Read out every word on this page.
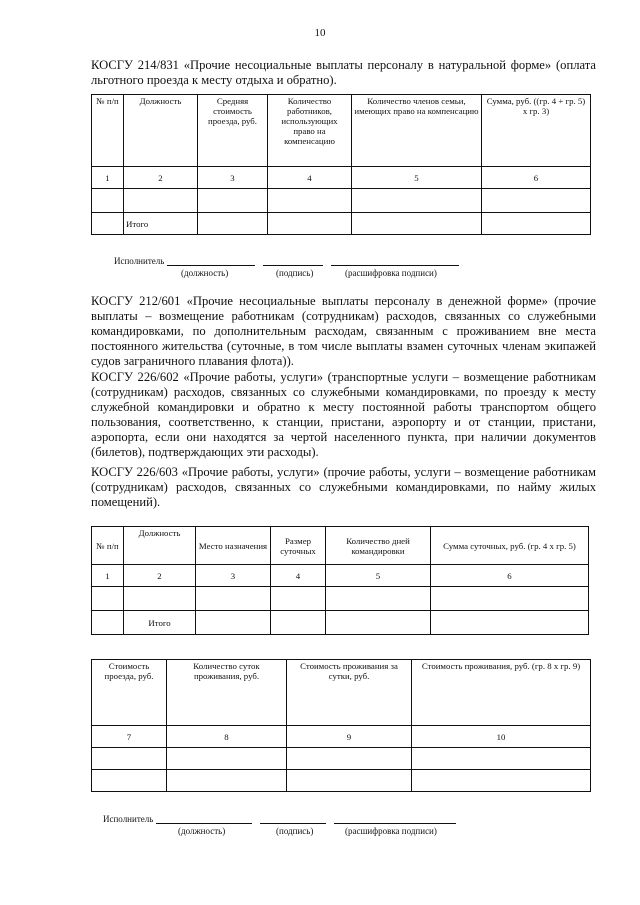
10
КОСГУ 214/831 «Прочие несоциальные выплаты персоналу в натуральной форме» (оплата льготного проезда к месту отдыха и обратно).
№ п/п	Должность	Средняя стоимость проезда, руб.	Количество работников, использующих право на компенсацию	Количество членов семьи, имеющих право на компенсацию	Сумма, руб. ((гр. 4 + гр. 5) х гр. 3)
1	2	3	4	5	6

	Итого				
Исполнитель
(должность)	(подпись)	(расшифровка подписи)
КОСГУ 212/601 «Прочие несоциальные выплаты персоналу в денежной форме» (прочие выплаты – возмещение работникам (сотрудникам) расходов, связанных со служебными командировками, по дополнительным расходам, связанным с проживанием вне места постоянного жительства (суточные, в том числе выплаты взамен суточных членам экипажей судов заграничного плавания флота)).
КОСГУ 226/602 «Прочие работы, услуги» (транспортные услуги – возмещение работникам (сотрудникам) расходов, связанных со служебными командировками, по проезду к месту служебной командировки и обратно к месту постоянной работы транспортом общего пользования, соответственно, к станции, пристани, аэропорту и от станции, пристани, аэропорта, если они находятся за чертой населенного пункта, при наличии документов (билетов), подтверждающих эти расходы).
КОСГУ 226/603 «Прочие работы, услуги» (прочие работы, услуги – возмещение работникам (сотрудникам) расходов, связанных со служебными командировками, по найму жилых помещений).
№ п/п	Должность	Место назначения	Размер суточных	Количество дней командировки	Сумма суточных, руб. (гр. 4 х гр. 5)
1	2	3	4	5	6

	Итого				
Стоимость проезда, руб.	Количество суток проживания, руб.	Стоимость проживания за сутки, руб.	Стоимость проживания, руб. (гр. 8 х гр. 9)
7	8	9	10

Исполнитель
(должность)	(подпись)	(расшифровка подписи)
